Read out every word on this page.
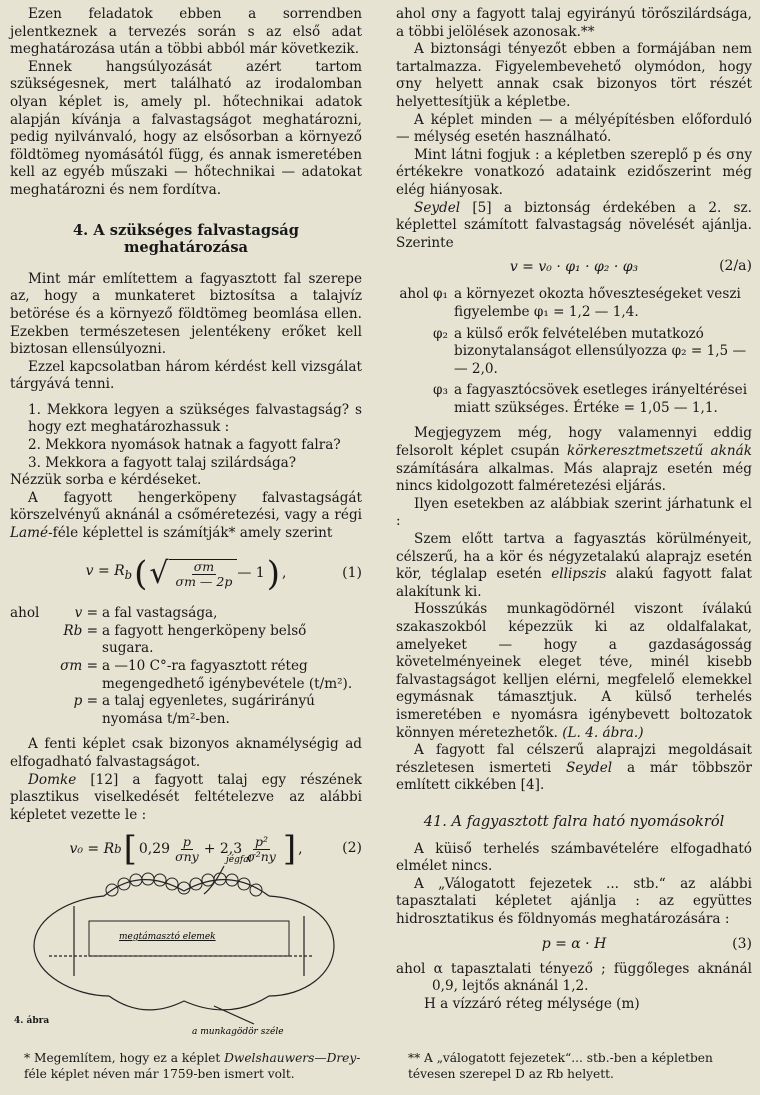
Ezen feladatok ebben a sorrendben jelentkeznek a tervezés során s az első adat meghatározása után a többi abból már következik.

Ennek hangsúlyozását azért tartom szükségesnek, mert található az irodalomban olyan képlet is, amely pl. hőtechnikai adatok alapján kívánja a falvastagságot meghatározni, pedig nyilvánvaló, hogy az elsősorban a környező földtömeg nyomásától függ, és annak ismeretében kell az egyéb műszaki — hőtechnikai — adatokat meghatározni és nem fordítva.

4. A szükséges falvastagság meghatározása

Mint már említettem a fagyasztott fal szerepe az, hogy a munkateret biztosítsa a talajvíz betörése és a környező földtömeg beomlása ellen. Ezekben természetesen jelentékeny erőket kell biztosan ellensúlyozni.

Ezzel kapcsolatban három kérdést kell vizsgálat tárgyává tenni.

1. Mekkora legyen a szükséges falvastagság? s hogy ezt meghatározhassuk :

2. Mekkora nyomások hatnak a fagyott falra?

3. Mekkora a fagyott talaj szilárdsága?

Nézzük sorba e kérdéseket.

A fagyott hengerköpeny falvastagságát körszelvényű aknánál a csőméretezési, vagy a régi Lamé-féle képlettel is számítják* amely szerint

$v = R_b$ ( √ $\frac{\sigma m}{\sigma m — 2p}$ — 1 ) ,	(1)

ahol	v = a fal vastagsága,
Rb = a fagyott hengerköpeny belső sugara.
σm = a —10 C°-ra fagyasztott réteg megengedhető igénybevétele (t/m²).
p = a talaj egyenletes, sugárirányú nyomása t/m²-ben.

A fenti képlet csak bizonyos aknamélységig ad elfogadható falvastagságot.

Domke [12] a fagyott talaj egy részének plasztikus viselkedését feltételezve az alábbi képletet vezette le :

v₀ = R b [ $0,29 \frac{p}{\text{σny}} + 2,3 \frac{\text{p²}}{\text{σ²ny}}$ ] ,	(2)
jégfal
megtámasztó elemek
a munkagödör széle
4. ábra

ahol σny a fagyott talaj egyirányú törőszilárdsága, a többi jelölések azonosak.**

A biztonsági tényezőt ebben a formájában nem tartalmazza. Figyelembevehető olymódon, hogy σny helyett annak csak bizonyos tört részét helyettesítjük a képletbe.

A képlet minden — a mélyépítésben előforduló — mélység esetén használható.

Mint látni fogjuk : a képletben szereplő p és σny értékekre vonatkozó adataink ezidőszerint még elég hiányosak.

Seydel [5] a biztonság érdekében a 2. sz. képlettel számított falvastagság növelését ajánlja. Szerinte

v = v₀ · φ₁ · φ₂ · φ₃	(2/a)
ahol φ₁ a környezet okozta hőveszteségeket veszi figyelembe φ₁ = 1,2 — 1,4.
φ₂ a külső erők felvételében mutatkozó bizonytalanságot ellensúlyozza φ₂ = 1,5 — — 2,0.
φ₃ a fagyasztócsövek esetleges irányeltérései miatt szükséges. Értéke = 1,05 — 1,1.

Megjegyzem még, hogy valamennyi eddig felsorolt képlet csupán körkeresztmetszetű aknák számítására alkalmas. Más alaprajz esetén még nincs kidolgozott falméretezési eljárás.

Ilyen esetekben az alábbiak szerint járhatunk el :

Szem előtt tartva a fagyasztás körülményeit, célszerű, ha a kör és négyzetalakú alaprajz esetén kör, téglalap esetén ellipszis alakú fagyott falat alakítunk ki.

Hosszúkás munkagödörnél viszont íválakú szakaszokból képezzük ki az oldalfalakat, amelyeket — hogy a gazdaságosság követelményeinek eleget téve, minél kisebb falvastagságot kelljen elérni, megfelelő elemekkel egymásnak támasztjuk. A külső terhelés ismeretében e nyomásra igénybevett boltozatok könnyen méretezhetők. (L. 4. ábra.)

A fagyott fal célszerű alaprajzi megoldásait részletesen ismerteti Seydel a már többször említett cikkében [4].

41. A fagyasztott falra ható nyomásokról

A küiső terhelés számbavételére elfogadható elmélet nincs.

A „Válogatott fejezetek ... stb.“ az alábbi tapasztalati képletet ajánlja : az együttes hidrosztatikus és földnyomás meghatározására :

p = α · H	(3)

ahol α tapasztalati tényező ; függőleges aknánál 0,9, lejtős aknánál 1,2.

H a vízzáró réteg mélysége (m)

* Megemlítem, hogy ez a képlet Dwelshauwers—Drey-féle képlet néven már 1759-ben ismert volt.
** A „válogatott fejezetek“... stb.-ben a képletben tévesen szerepel D az Rb helyett.
